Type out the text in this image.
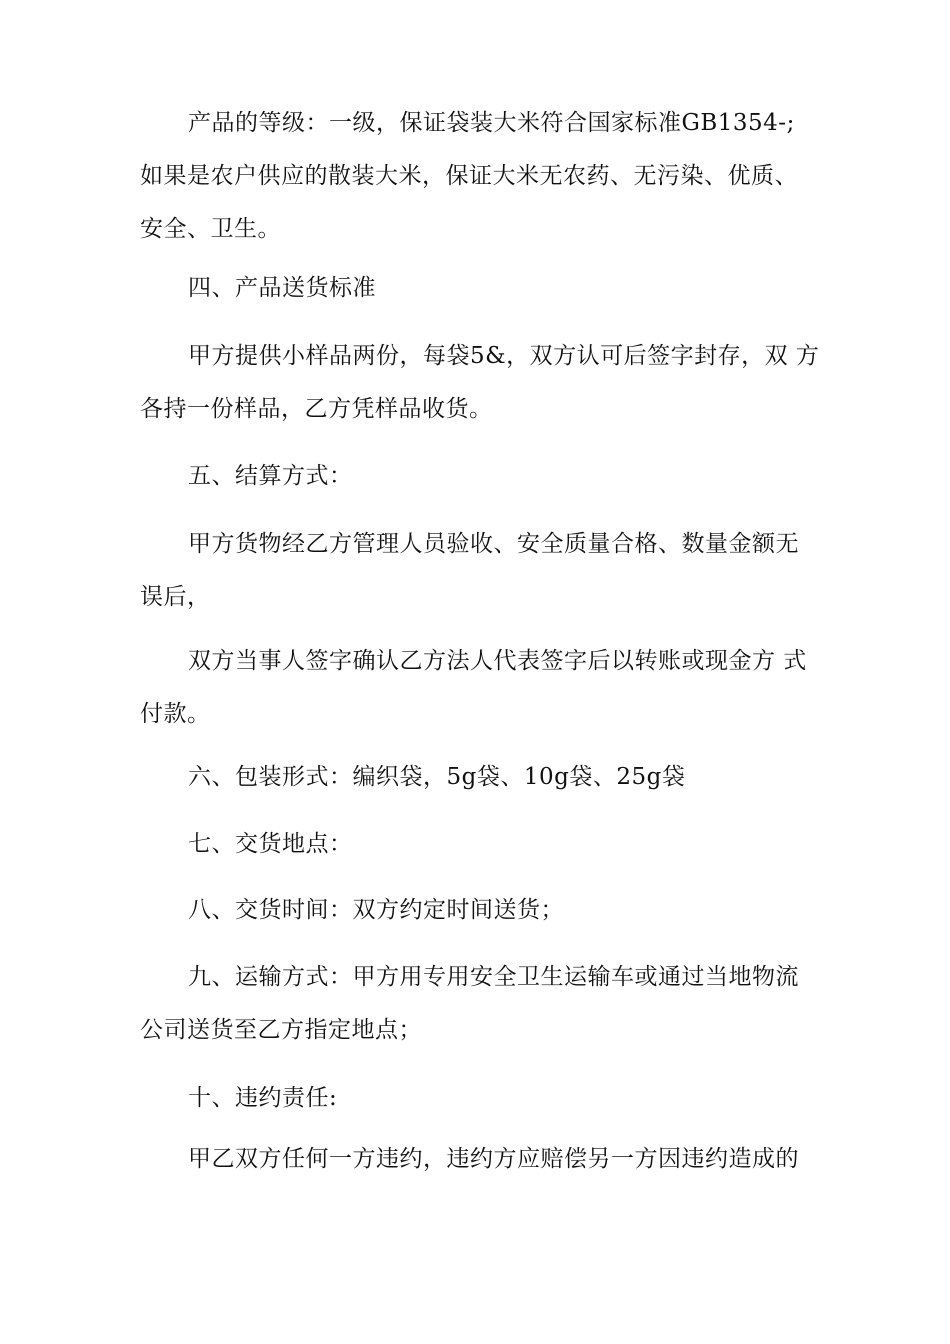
产品的等级：一级，保证袋装大米符合国家标准GB1354-;
如果是农户供应的散装大米，保证大米无农药、无污染、优质、
安全、卫生。

四、产品送货标准

甲方提供小样品两份，每袋5&，双方认可后签字封存，双 方
各持一份样品，乙方凭样品收货。

五、结算方式：

甲方货物经乙方管理人员验收、安全质量合格、数量金额无
误后，

双方当事人签字确认乙方法人代表签字后以转账或现金方 式
付款。

六、包装形式：编织袋，5g袋、10g袋、25g袋

七、交货地点：

八、交货时间：双方约定时间送货；

九、运输方式：甲方用专用安全卫生运输车或通过当地物流
公司送货至乙方指定地点；

十、违约责任:

甲乙双方任何一方违约，违约方应赔偿另一方因违约造成的
